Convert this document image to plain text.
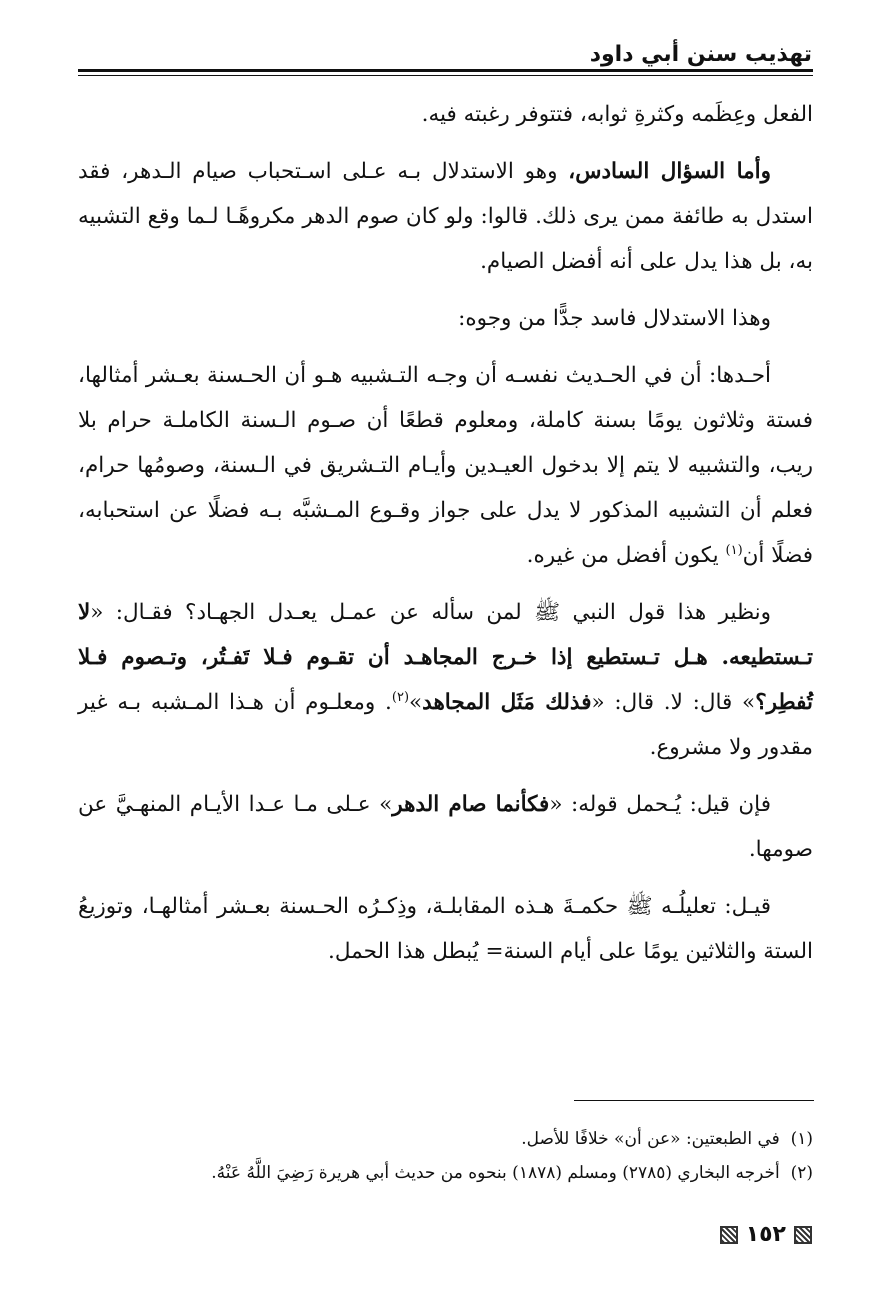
تهذيب سنن أبي داود

الفعل وعِظَمه وكثرةِ ثوابه، فتتوفر رغبته فيه.

وأما السؤال السادس، وهو الاستدلال بـه عـلى اسـتحباب صيام الـدهر، فقد استدل به طائفة ممن يرى ذلك. قالوا: ولو كان صوم الدهر مكروهًـا لـما وقع التشبيه به، بل هذا يدل على أنه أفضل الصيام.

وهذا الاستدلال فاسد جدًّا من وجوه:

أحـدها: أن في الحـديث نفسـه أن وجـه التـشبيه هـو أن الحـسنة بعـشر أمثالها، فستة وثلاثون يومًا بسنة كاملة، ومعلوم قطعًا أن صـوم الـسنة الكاملـة حرام بلا ريب، والتشبيه لا يتم إلا بدخول العيـدين وأيـام التـشريق في الـسنة، وصومُها حرام، فعلم أن التشبيه المذكور لا يدل على جواز وقـوع المـشبَّه بـه فضلًا عن استحبابه، فضلًا أن$^{(١)}$ يكون أفضل من غيره.

ونظير هذا قول النبي ﷺ لمن سأله عن عمـل يعـدل الجهـاد؟ فقـال: «لا تـستطيعه. هـل تـستطيع إذا خـرج المجاهـد أن تقـوم فـلا تَفـتُر، وتـصوم فـلا تُفطِر؟» قال: لا. قال: «فذلك مَثَل المجاهد»$^{(٢)}$. ومعلـوم أن هـذا المـشبه بـه غير مقدور ولا مشروع.

فإن قيل: يُـحمل قوله: «فكأنما صام الدهر» عـلى مـا عـدا الأيـام المنهـيَّ عن صومها.

قيـل: تعليلُـه ﷺ حكمـةَ هـذه المقابلـة، وذِكـرُه الحـسنة بعـشر أمثالهـا، وتوزيعُ الستة والثلاثين يومًا على أيام السنة= يُبطل هذا الحمل.

(١)  في الطبعتين: «عن أن» خلافًا للأصل.

(٢)  أخرجه البخاري (٢٧٨٥) ومسلم (١٨٧٨) بنحوه من حديث أبي هريرة رَضِيَ اللَّهُ عَنْهُ.

١٥٢
